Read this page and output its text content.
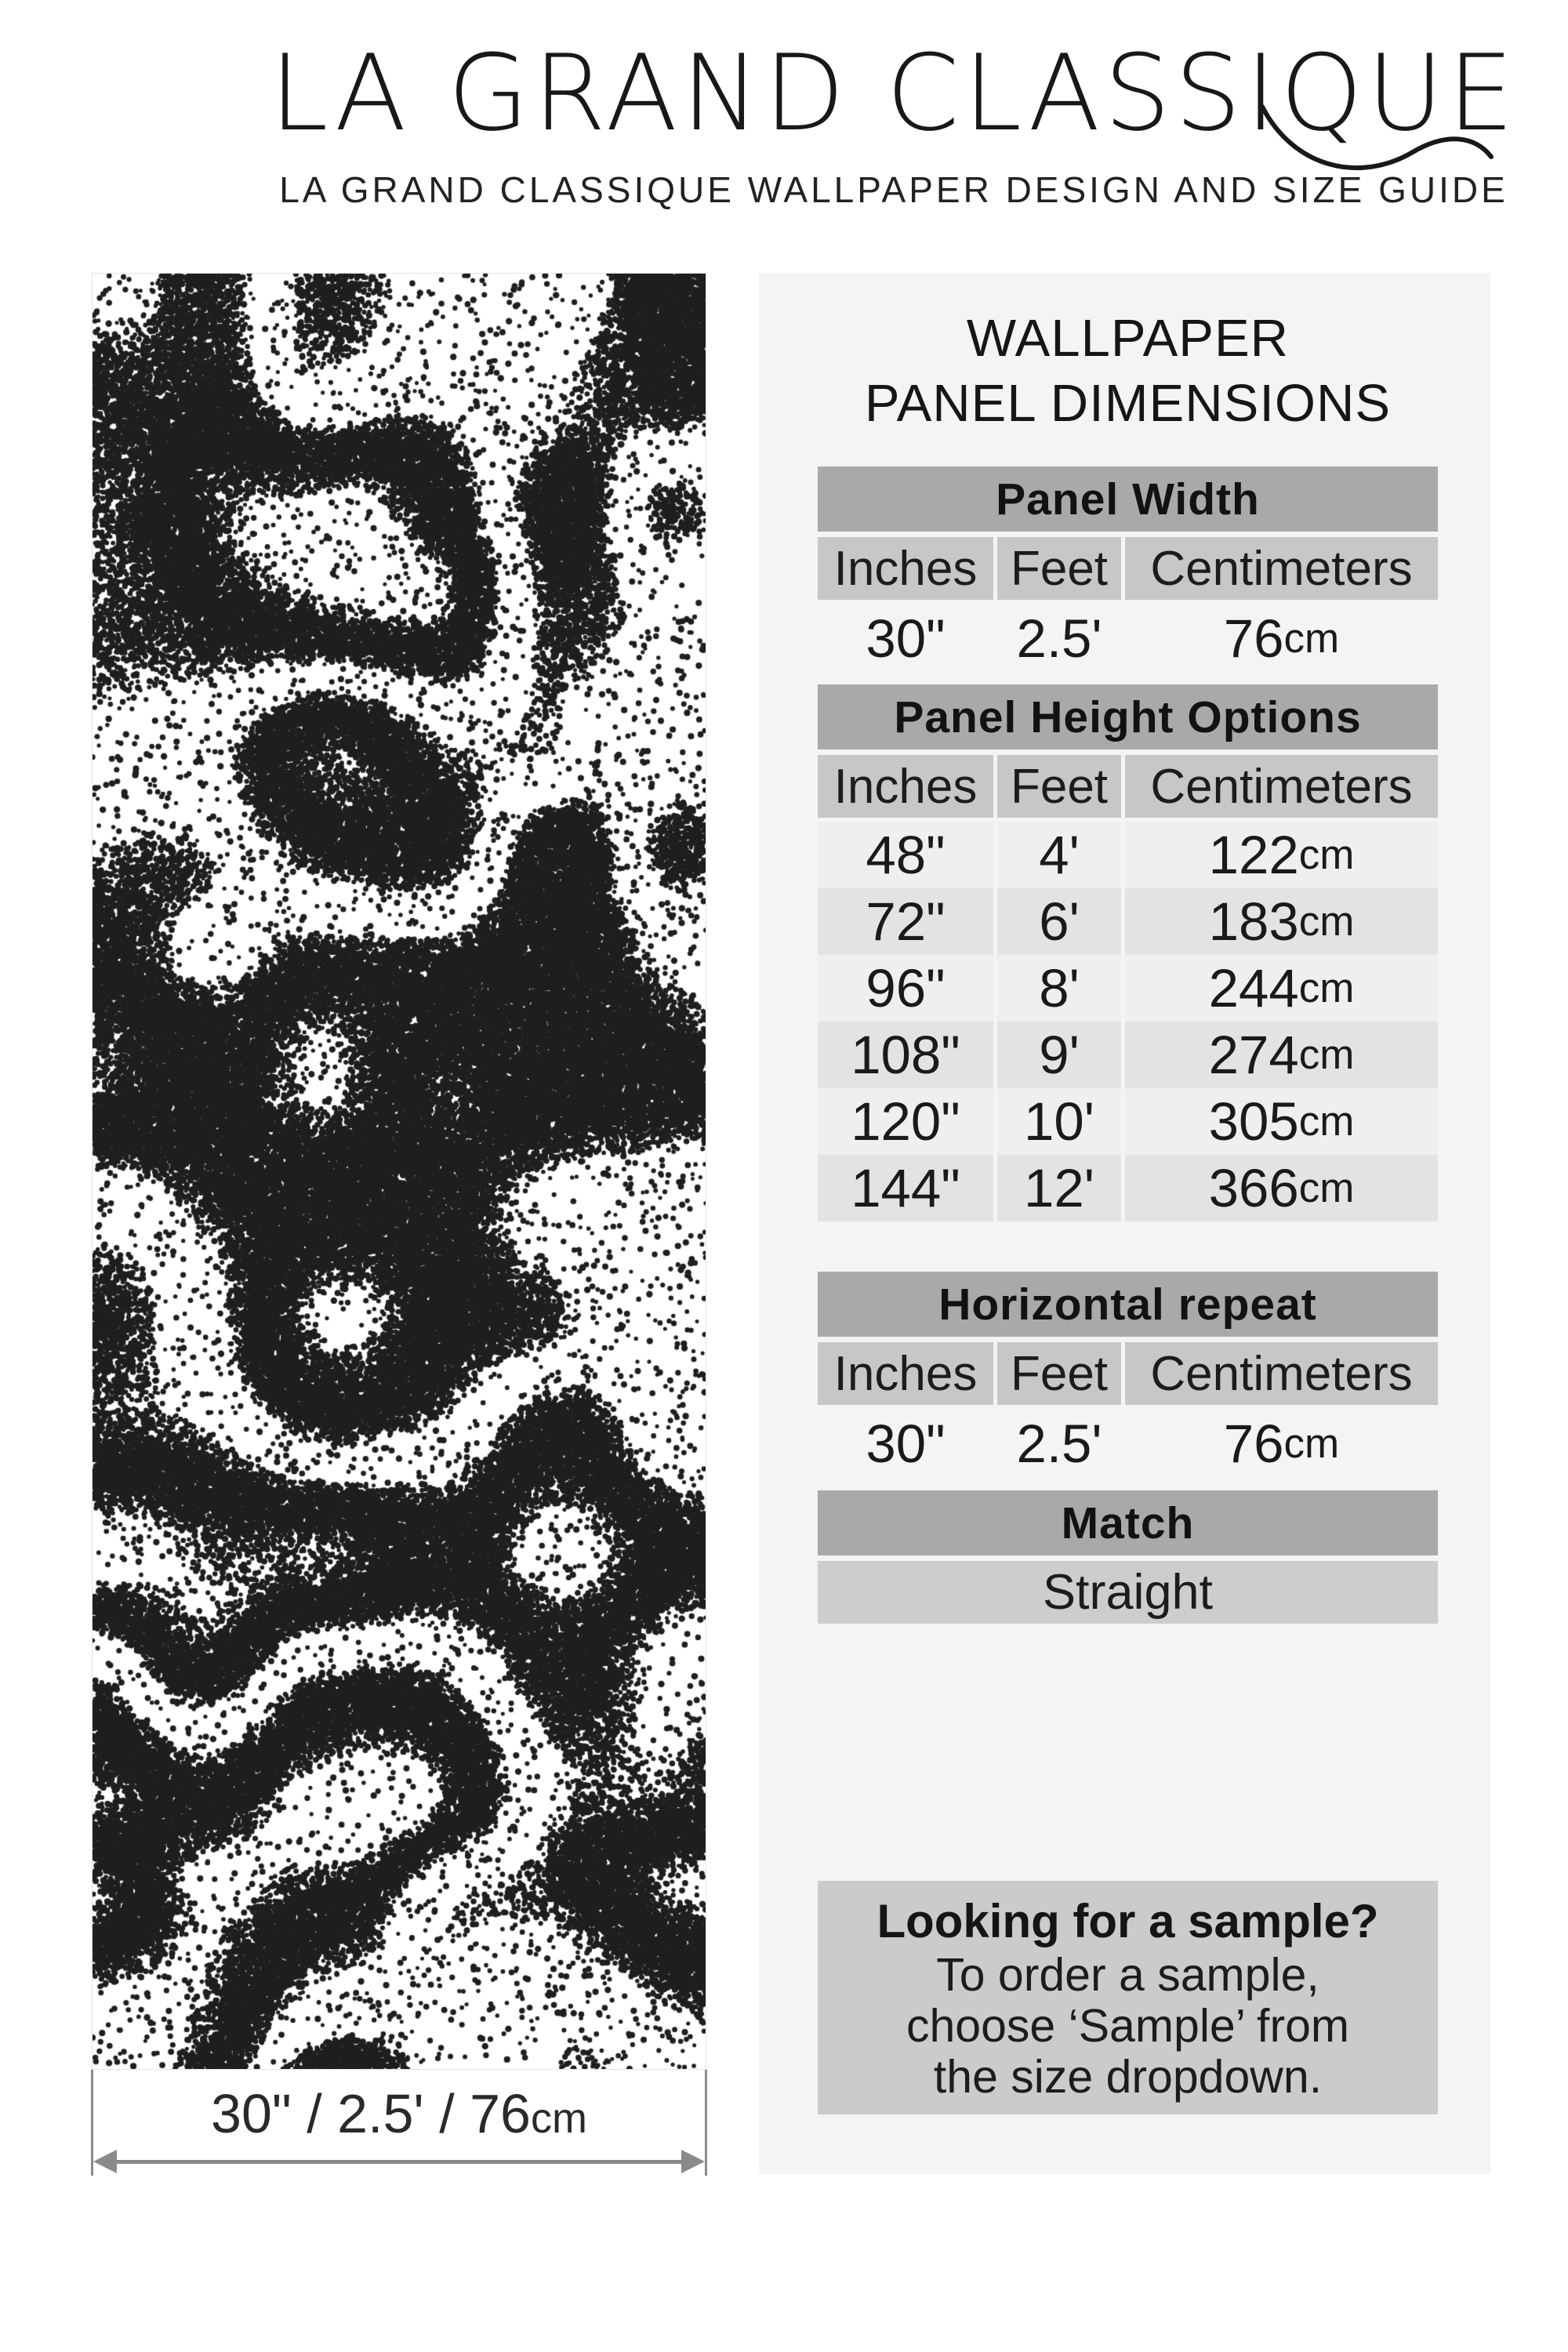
LA GRAND CLASSIQUE
LA GRAND CLASSIQUE WALLPAPER DESIGN AND SIZE GUIDE
30" / 2.5' / 76cm
WALLPAPER
PANEL DIMENSIONS
Panel Width
Inches Feet Centimeters
30"	2.5'	76 cm
Panel Height Options
Inches Feet Centimeters
48"	4'	122 cm
72"	6'	183 cm
96"	8'	244 cm
108"	9'	274 cm
120"	10'	305 cm
144"	12'	366 cm
Horizontal repeat
Inches Feet Centimeters
30"	2.5'	76 cm
Match
Straight
Looking for a sample?
To order a sample,
choose ‘Sample’ from
the size dropdown.
